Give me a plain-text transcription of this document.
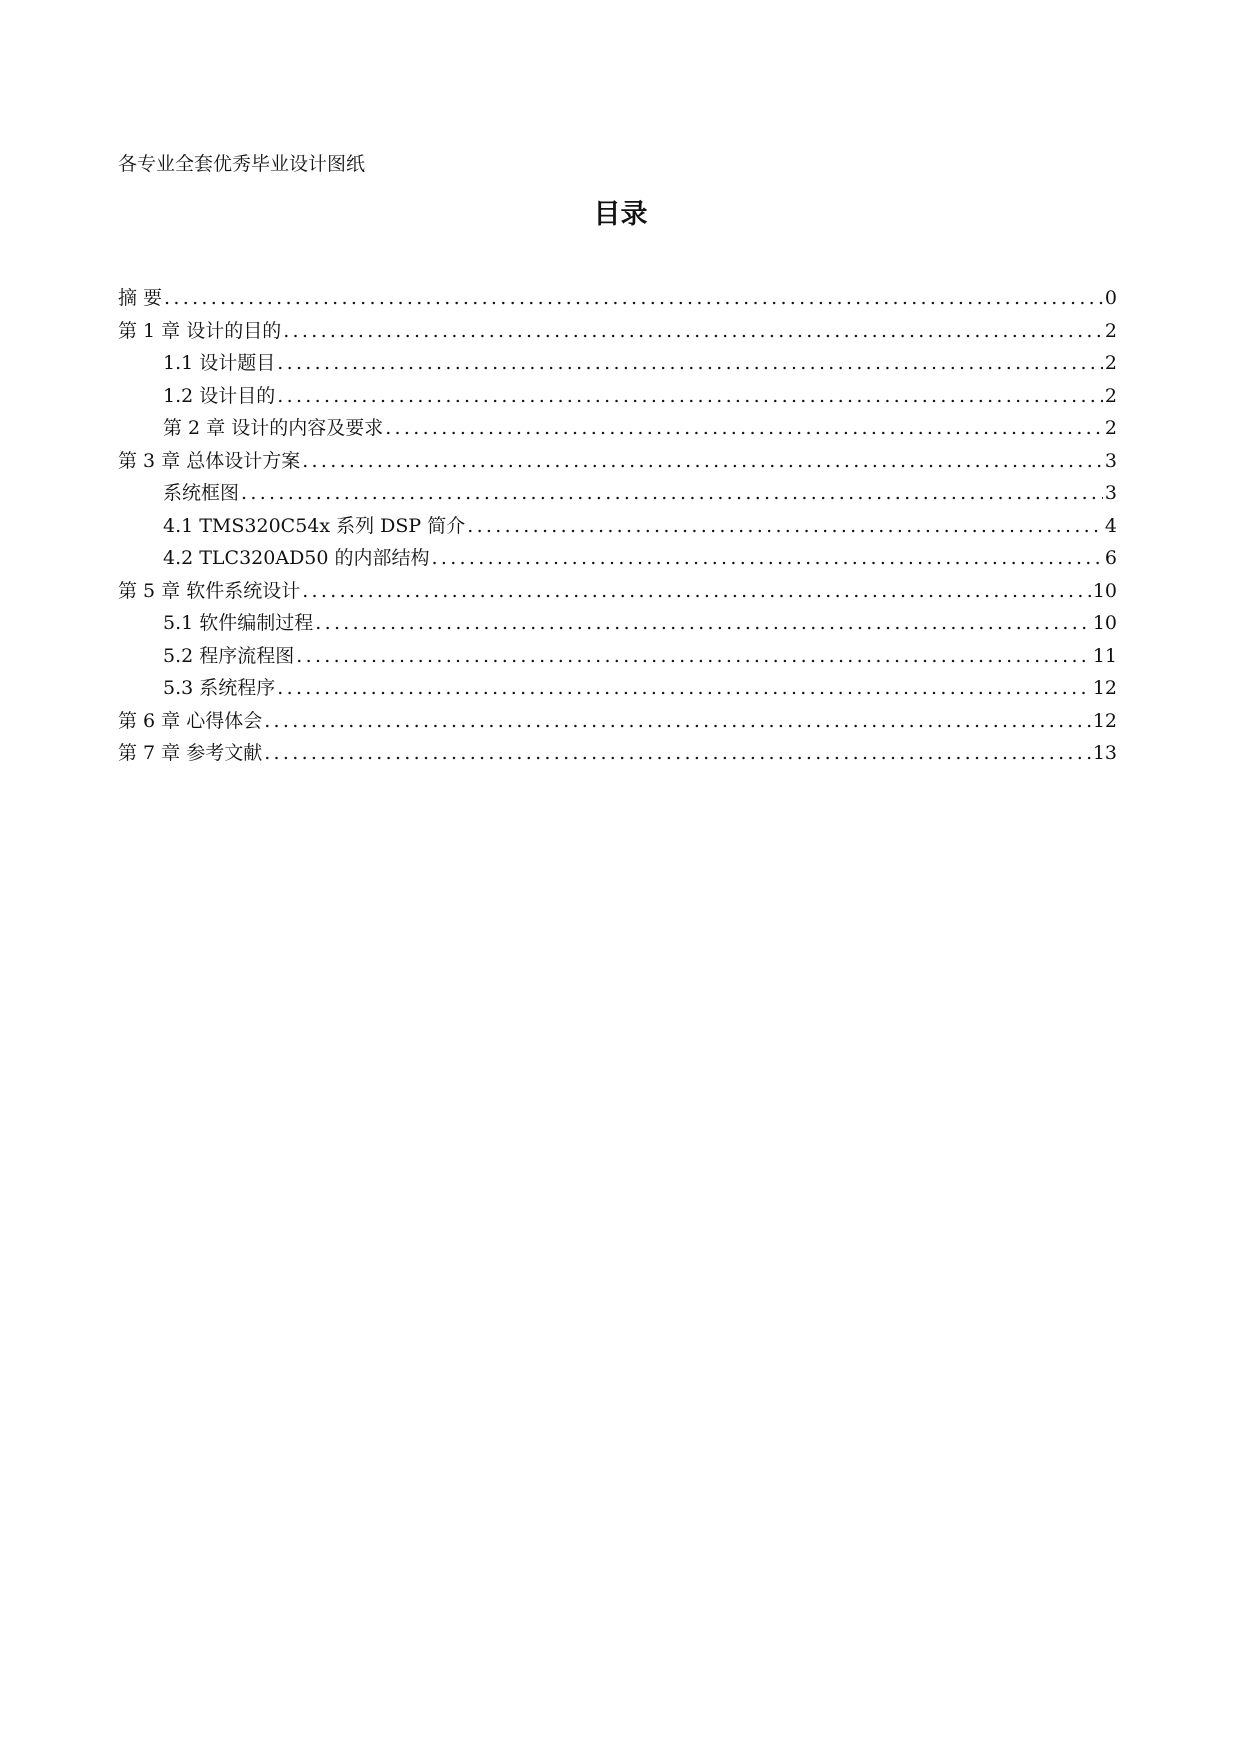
各专业全套优秀毕业设计图纸
目录
摘 要 .....	0
第 1 章 设计的目的 .....	2
1.1 设计题目 .....	2
1.2 设计目的 .....	2
第 2 章 设计的内容及要求 .....	2
第 3 章 总体设计方案 .....	3
系统框图 .....	3
4.1 TMS320C54x 系列 DSP 简介 .....	4
4.2 TLC320AD50 的内部结构 .....	6
第 5 章 软件系统设计 .....	10
5.1 软件编制过程 .....	10
5.2 程序流程图 .....	11
5.3 系统程序 .....	12
第 6 章 心得体会 .....	12
第 7 章 参考文献 .....	13
